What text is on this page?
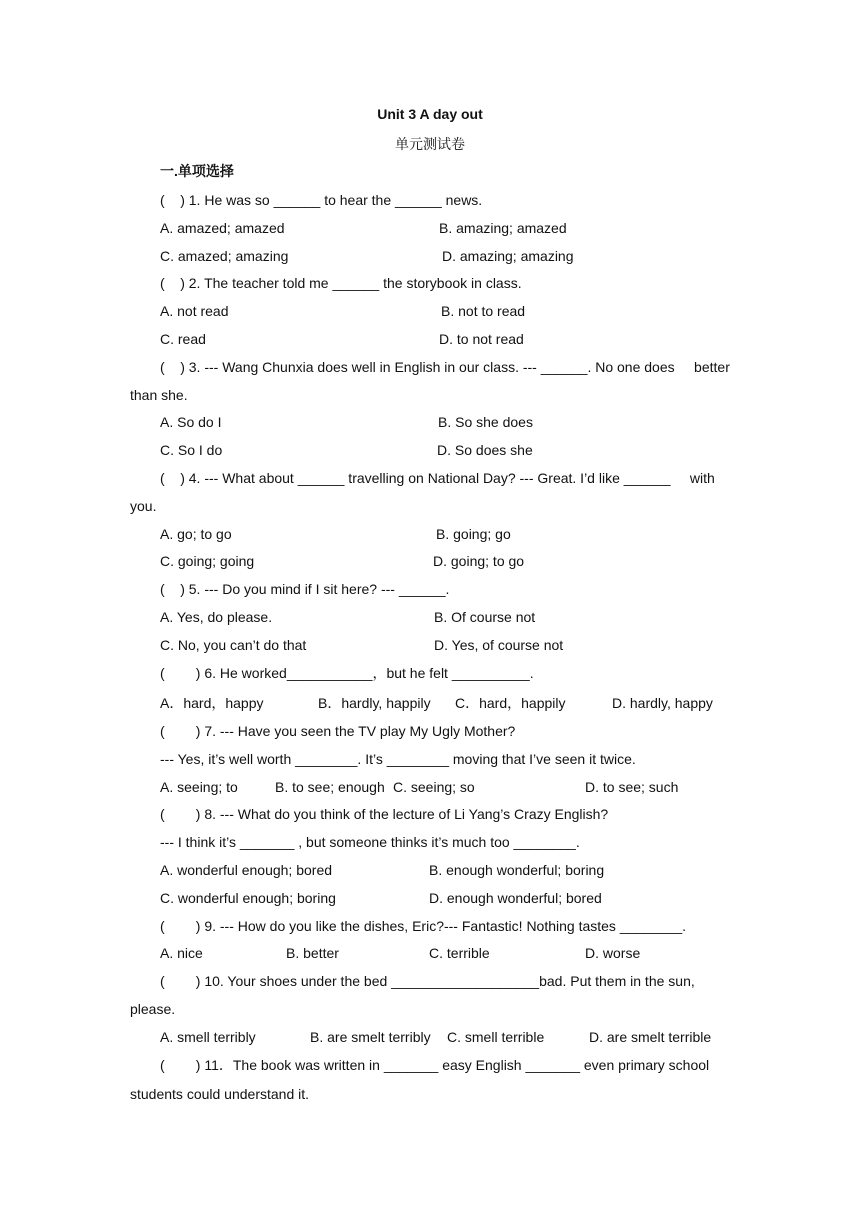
Unit 3 A day out
单元测试卷
一.单项选择
(    ) 1. He was so ______ to hear the ______ news.
A. amazed; amazed	B. amazing; amazed
C. amazed; amazing	D. amazing; amazing
(    ) 2. The teacher told me ______ the storybook in class.
A. not read	B. not to read
C. read	D. to not read
(    ) 3. --- Wang Chunxia does well in English in our class. --- ______. No one does     better
than she.
A. So do I	B. So she does
C. So I do	D. So does she
(    ) 4. --- What about ______ travelling on National Day? --- Great. I’d like ______     with
you.
A. go; to go	B. going; go
C. going; going	D. going; to go
(    ) 5. --- Do you mind if I sit here? --- ______.
A. Yes, do please.	B. Of course not
C. No, you can’t do that	D. Yes, of course not
(        ) 6. He worked___________，but he felt __________.
A．hard，happy	B．hardly, happily C．hard，happily	D. hardly, happy
(        ) 7. --- Have you seen the TV play My Ugly Mother?
--- Yes, it’s well worth ________. It’s ________ moving that I’ve seen it twice.
A. seeing; to	B. to see; enough C. seeing; so	D. to see; such
(        ) 8. --- What do you think of the lecture of Li Yang’s Crazy English?
--- I think it’s _______ , but someone thinks it’s much too ________.
A. wonderful enough; bored	B. enough wonderful; boring
C. wonderful enough; boring	D. enough wonderful; bored
(        ) 9. --- How do you like the dishes, Eric?--- Fantastic! Nothing tastes ________.
A. nice	B. better	C. terrible	D. worse
(        ) 10. Your shoes under the bed ___________________bad. Put them in the sun,
please.
A. smell terribly	B. are smelt terribly C. smell terrible	D. are smelt terrible
(        ) 11．The book was written in _______ easy English _______ even primary school
students could understand it.
